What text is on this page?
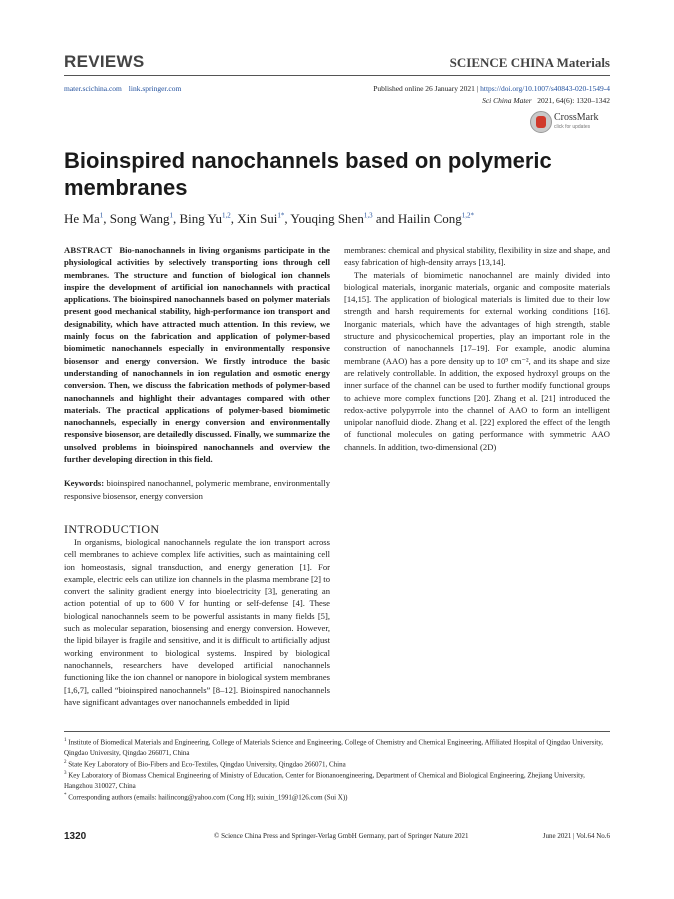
REVIEWS	SCIENCE CHINA Materials
mater.scichina.com link.springer.com	Published online 26 January 2021 | https://doi.org/10.1007/s40843-020-1549-4
Sci China Mater 2021, 64(6): 1320–1342
CrossMark
click for updates
Bioinspired nanochannels based on polymeric membranes
He Ma$^1$, Song Wang$^1$, Bing Yu$^{1,2}$, Xin Sui$^{1*}$, Youqing Shen$^{1,3}$ and Hailin Cong$^{1,2*}$

ABSTRACT Bio-nanochannels in living organisms participate in the physiological activities by selectively transporting ions through cell membranes. The structure and function of biological ion channels inspire the development of artificial ion nanochannels with practical applications. The bioinspired nanochannels based on polymer materials present good mechanical stability, high-performance ion transport and designability, which have attracted much attention. In this review, we mainly focus on the fabrication and application of polymer-based biomimetic nanochannels especially in environmentally responsive biosensor and energy conversion. We firstly introduce the basic understanding of nanochannels in ion regulation and osmotic energy conversion. Then, we discuss the fabrication methods of polymer-based nanochannels and highlight their advantages compared with other materials. The practical applications of polymer-based biomimetic nanochannels, especially in energy conversion and environmentally responsive biosensor, are detailedly discussed. Finally, we summarize the unsolved problems in bioinspired nanochannels and overview the further developing direction in this field.

Keywords: bioinspired nanochannel, polymeric membrane, environmentally responsive biosensor, energy conversion

INTRODUCTION

In organisms, biological nanochannels regulate the ion transport across cell membranes to achieve complex life activities, such as maintaining cell ion homeostasis, signal transduction, and energy generation [1]. For example, electric eels can utilize ion channels in the plasma membrane [2] to convert the salinity gradient energy into bioelectricity [3], generating an action potential of up to 600 V for hunting or self-defense [4]. These biological nanochannels seem to be powerful assistants in many fields [5], such as molecular separation, biosensing and energy conversion. However, the lipid bilayer is fragile and sensitive, and it is difficult to artificially adjust working environment to biological systems. Inspired by biological nanochannels, researchers have developed artificial nanochannels functioning like the ion channel or nanopore in biological system membranes [1,6,7], called “bioinspired nanochannels” [8–12]. Bioinspired nanochannels have significant advantages over nanochannels embedded in lipid

membranes: chemical and physical stability, flexibility in size and shape, and easy fabrication of high-density arrays [13,14].

The materials of biomimetic nanochannel are mainly divided into biological materials, inorganic materials, organic and composite materials [14,15]. The application of biological materials is limited due to their low strength and harsh requirements for external working conditions [16]. Inorganic materials, which have the advantages of high strength, stable structure and physicochemical properties, play an important role in the construction of nanochannels [17–19]. For example, anodic alumina membrane (AAO) has a pore density up to 10⁹ cm⁻², and its shape and size are relatively controllable. In addition, the exposed hydroxyl groups on the inner surface of the channel can be used to further modify functional groups to achieve more complex functions [20]. Zhang et al. [21] introduced the redox-active polypyrrole into the channel of AAO to form an intelligent unipolar nanofluid diode. Zhang et al. [22] explored the effect of the length of functional molecules on gating performance with symmetric AAO channels. In addition, two-dimensional (2D)

$^1$ Institute of Biomedical Materials and Engineering, College of Materials Science and Engineering, College of Chemistry and Chemical Engineering, Affiliated Hospital of Qingdao University, Qingdao University, Qingdao 266071, China
$^2$ State Key Laboratory of Bio-Fibers and Eco-Textiles, Qingdao University, Qingdao 266071, China
$^3$ Key Laboratory of Biomass Chemical Engineering of Ministry of Education, Center for Bionanoengineering, Department of Chemical and Biological Engineering, Zhejiang University, Hangzhou 310027, China
* Corresponding authors (emails: hailincong@yahoo.com (Cong H); suixin_1991@126.com (Sui X))
1320	© Science China Press and Springer-Verlag GmbH Germany, part of Springer Nature 2021	June 2021 | Vol.64 No.6
